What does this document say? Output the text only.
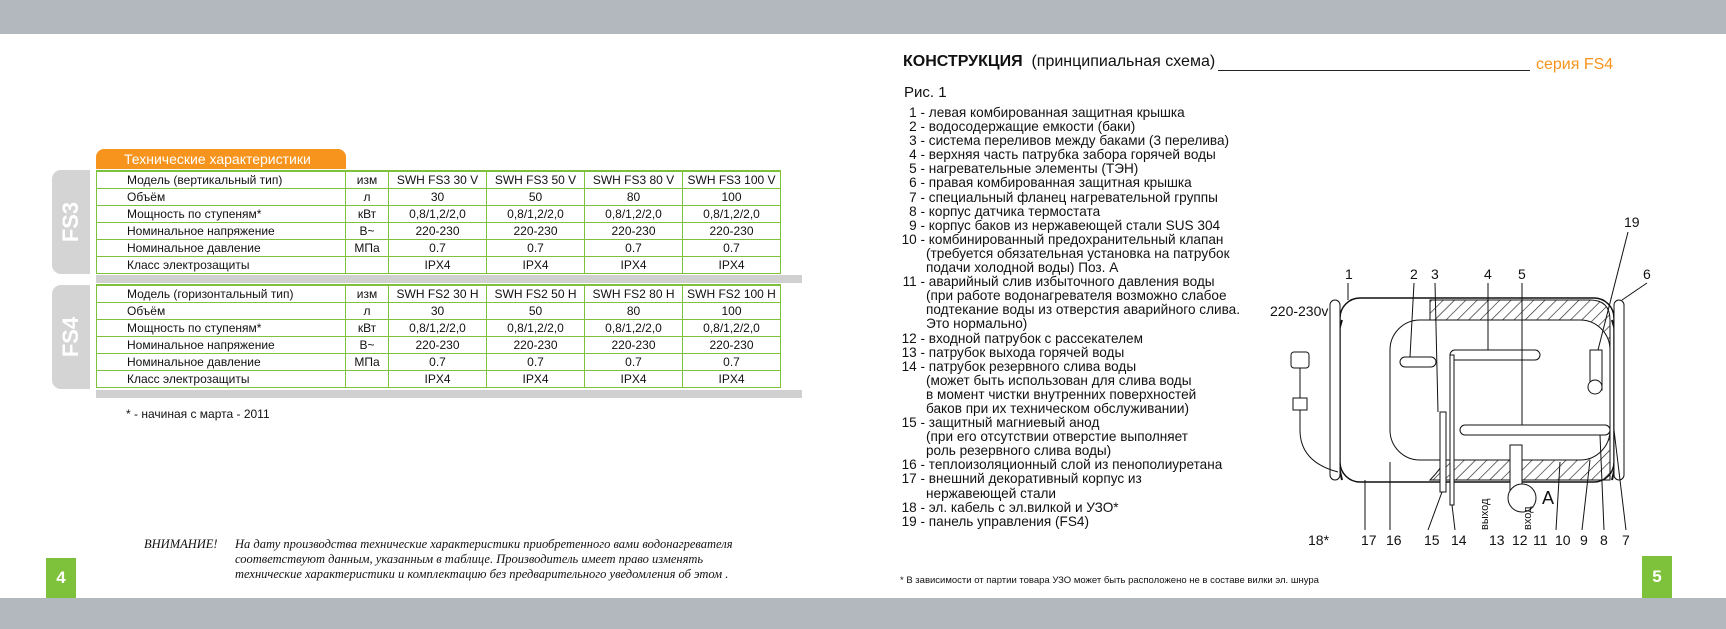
4	5
Технические характеристики
FS3
FS4
Модель (вертикальный тип)	изм	SWH FS3 30 V	SWH FS3 50 V	SWH FS3 80 V	SWH FS3 100 V
Объём	л	30	50	80	100
Мощность по ступеням*	кВт	0,8/1,2/2,0	0,8/1,2/2,0	0,8/1,2/2,0	0,8/1,2/2,0
Номинальное напряжение	В~	220-230	220-230	220-230	220-230
Номинальное давление	МПа	0.7	0.7	0.7	0.7
Класс электрозащиты		IPX4	IPX4	IPX4	IPX4
Модель (горизонтальный тип)	изм	SWH FS2 30 H	SWH FS2 50 H	SWH FS2 80 H	SWH FS2 100 H
Объём	л	30	50	80	100
Мощность по ступеням*	кВт	0,8/1,2/2,0	0,8/1,2/2,0	0,8/1,2/2,0	0,8/1,2/2,0
Номинальное напряжение	В~	220-230	220-230	220-230	220-230
Номинальное давление	МПа	0.7	0.7	0.7	0.7
Класс электрозащиты		IPX4	IPX4	IPX4	IPX4
* - начиная с марта - 2011
ВНИМАНИЕ! На дату производства технические характеристики приобретенного вами водонагревателя
соответствуют данным, указанным в таблице. Производитель имеет право изменять
технические характеристики и комплектацию без предварительного уведомления об этом .
КОНСТРУКЦИЯ (принципиальная схема)	серия FS4
Рис. 1
1 - левая комбированная защитная крышка
2 - водосодержащие емкости (баки)
3 - система переливов между баками (3 перелива)
4 - верхняя часть патрубка забора горячей воды
5 - нагревательные элементы (ТЭН)
6 - правая комбированная защитная крышка
7 - специальный фланец нагревательной группы
8 - корпус датчика термостата
9 - корпус баков из нержавеющей стали SUS 304
10 - комбинированный предохранительный клапан
(требуется обязательная установка на патрубок
подачи холодной воды) Поз. А
11 - аварийный слив избыточного давления воды
(при работе водонагревателя возможно слабое
подтекание воды из отверстия аварийного слива.
Это нормально)
12 - входной патрубок с рассекателем
13 - патрубок выхода горячей воды
14 - патрубок резервного слива воды
(может быть использован для слива воды
в момент чистки внутренних поверхностей
баков при их техническом обслуживании)
15 - защитный магниевый анод
(при его отсутствии отверстие выполняет
роль резервного слива воды)
16 - теплоизоляционный слой из пенополиуретана
17 - внешний декоративный корпус из
нержавеющей стали
18 - эл. кабель с эл.вилкой и УЗО*
19 - панель управления (FS4)
220-230v
1	2 3	4 5	6
19
18* 17 16 15 14 13 12 11 10 9 8 7
выход	вход
A
* В зависимости от партии товара УЗО может быть расположено не в составе вилки эл. шнура
